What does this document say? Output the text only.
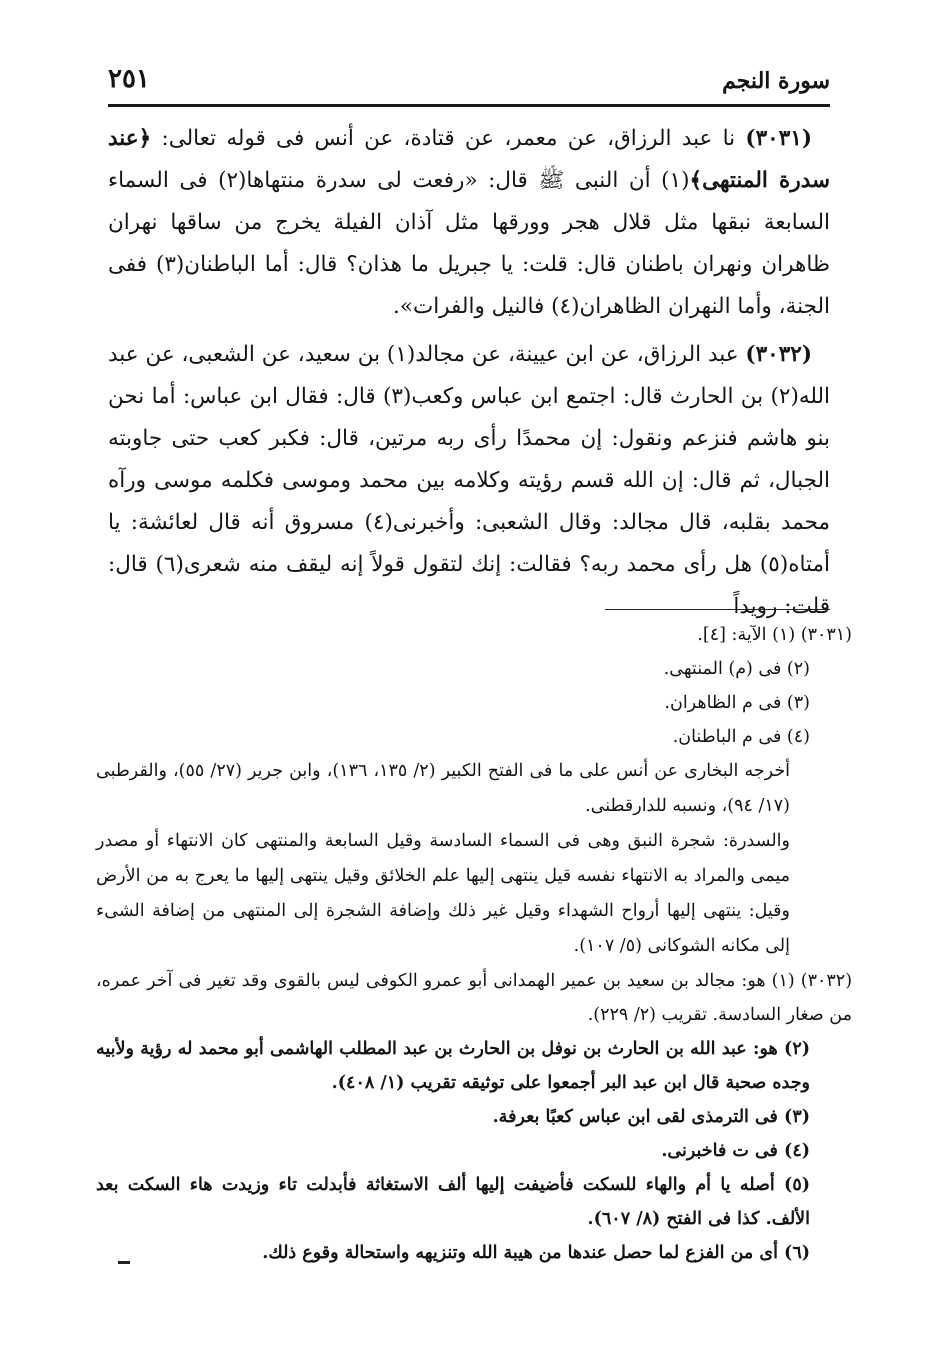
سورة النجم
٢٥١

(٣٠٣١) نا عبد الرزاق، عن معمر، عن قتادة، عن أنس فى قوله تعالى: ﴿عند سدرة المنتهى﴾(١) أن النبى ﷺ قال: «رفعت لى سدرة منتهاها(٢) فى السماء السابعة نبقها مثل قلال هجر وورقها مثل آذان الفيلة يخرج من ساقها نهران ظاهران ونهران باطنان قال: قلت: يا جبريل ما هذان؟ قال: أما الباطنان(٣) ففى الجنة، وأما النهران الظاهران(٤) فالنيل والفرات».

(٣٠٣٢) عبد الرزاق، عن ابن عيينة، عن مجالد(١) بن سعيد، عن الشعبى، عن عبد الله(٢) بن الحارث قال: اجتمع ابن عباس وكعب(٣) قال: فقال ابن عباس: أما نحن بنو هاشم فنزعم ونقول: إن محمدًا رأى ربه مرتين، قال: فكبر كعب حتى جاوبته الجبال، ثم قال: إن الله قسم رؤيته وكلامه بين محمد وموسى فكلمه موسى ورآه محمد بقلبه، قال مجالد: وقال الشعبى: وأخبرنى(٤) مسروق أنه قال لعائشة: يا أمتاه(٥) هل رأى محمد ربه؟ فقالت: إنك لتقول قولاً إنه ليقف منه شعرى(٦) قال: قلت: رويداً

(٣٠٣١) (١) الآية: [٤].

(٢) فى (م) المنتهى.

(٣) فى م الظاهران.

(٤) فى م الباطنان.

أخرجه البخارى عن أنس على ما فى الفتح الكبير (٢/ ١٣٥، ١٣٦)، وابن جرير (٢٧/ ٥٥)، والقرطبى (١٧/ ٩٤)، ونسبه للدارقطنى.

والسدرة: شجرة النبق وهى فى السماء السادسة وقيل السابعة والمنتهى كان الانتهاء أو مصدر ميمى والمراد به الانتهاء نفسه قيل ينتهى إليها علم الخلائق وقيل ينتهى إليها ما يعرج به من الأرض وقيل: ينتهى إليها أرواح الشهداء وقيل غير ذلك وإضافة الشجرة إلى المنتهى من إضافة الشىء إلى مكانه الشوكانى (٥/ ١٠٧).

(٣٠٣٢) (١) هو: مجالد بن سعيد بن عمير الهمدانى أبو عمرو الكوفى ليس بالقوى وقد تغير فى آخر عمره، من صغار السادسة. تقريب (٢/ ٢٢٩).

(٢) هو: عبد الله بن الحارث بن نوفل بن الحارث بن عبد المطلب الهاشمى أبو محمد له رؤية ولأبيه وجده صحبة قال ابن عبد البر أجمعوا على توثيقه تقريب (١/ ٤٠٨).

(٣) فى الترمذى لقى ابن عباس كعبًا بعرفة.

(٤) فى ت فاخبرنى.

(٥) أصله يا أم والهاء للسكت فأضيفت إليها ألف الاستغاثة فأبدلت تاء وزيدت هاء السكت بعد الألف. كذا فى الفتح (٨/ ٦٠٧).

(٦) أى من الفزع لما حصل عندها من هيبة الله وتنزيهه واستحالة وقوع ذلك.
